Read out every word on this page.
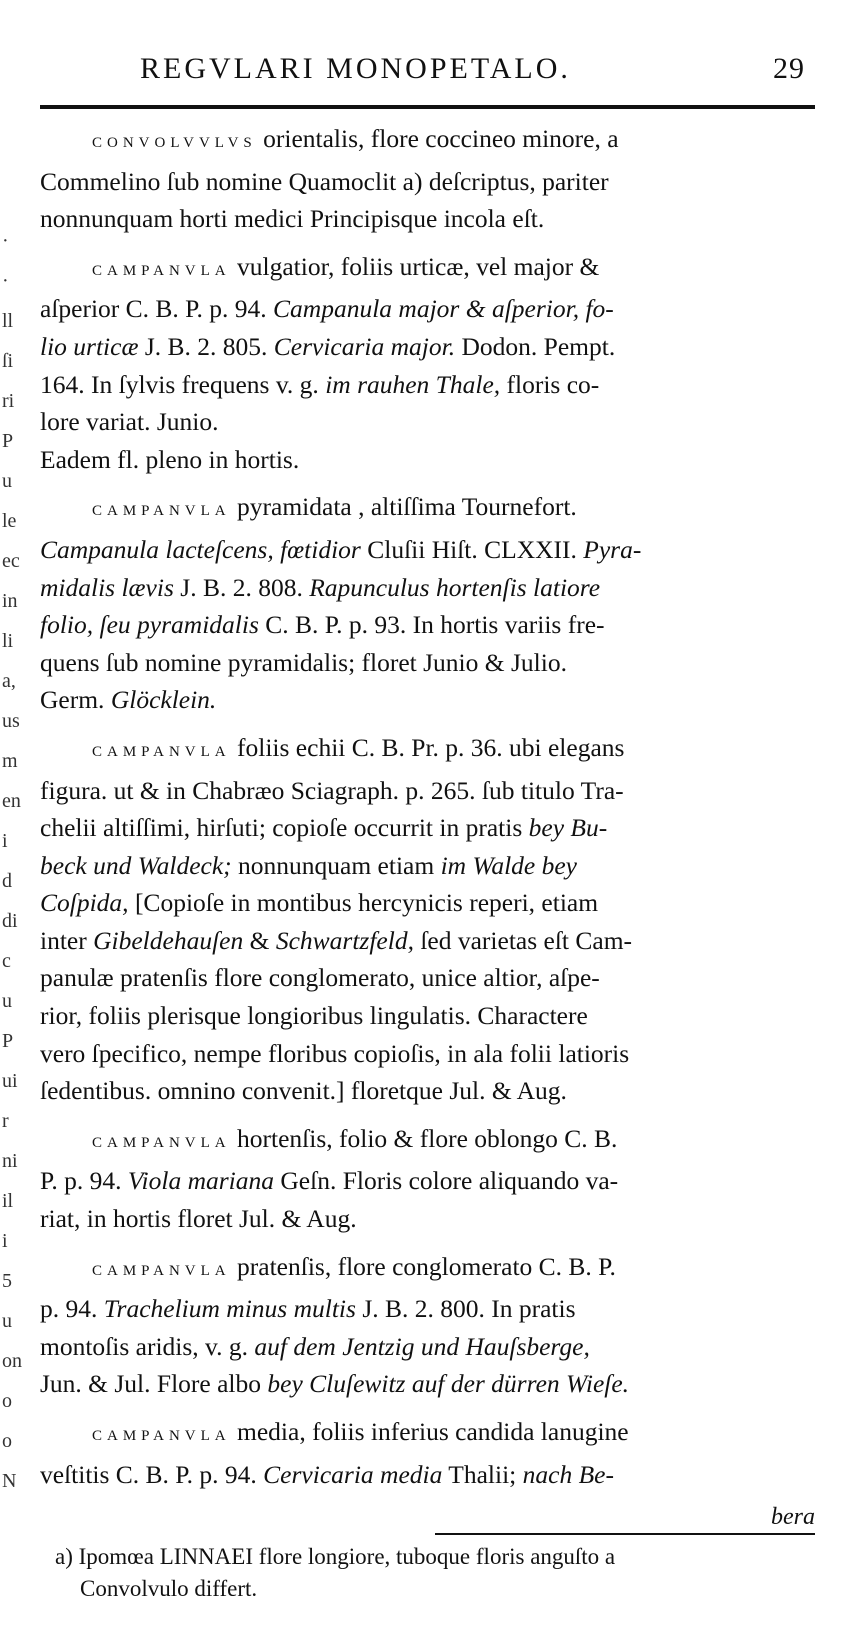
·
·
ll
ſi
ri
P
u
le
ec
in
li
a,
us
m
en
i
d
di
c
u
P
ui
r
ni
il
i
5
u
on
o
o
N
REGVLARI MONOPETALO.	29
CONVOLVVLVS orientalis, flore coccineo minore, a
Commelino ſub nomine Quamoclit a) deſcriptus, pariter
nonnunquam horti medici Principisque incola eſt.
CAMPANVLA vulgatior, foliis urticæ, vel major &
aſperior C. B. P. p. 94. Campanula major & aſperior, fo-
lio urticæ J. B. 2. 805. Cervicaria major. Dodon. Pempt.
164. In ſylvis frequens v. g. im rauhen Thale, floris co-
lore variat. Junio.
Eadem fl. pleno in hortis.
CAMPANVLA pyramidata , altiſſima Tournefort.
Campanula lacteſcens, fœtidior Cluſii Hiſt. CLXXII. Pyra-
midalis lævis J. B. 2. 808. Rapunculus hortenſis latiore
folio, ſeu pyramidalis C. B. P. p. 93. In hortis variis fre-
quens ſub nomine pyramidalis; floret Junio & Julio.
Germ. Glöcklein.
CAMPANVLA foliis echii C. B. Pr. p. 36. ubi elegans
figura. ut & in Chabræo Sciagraph. p. 265. ſub titulo Tra-
chelii altiſſimi, hirſuti; copioſe occurrit in pratis bey Bu-
beck und Waldeck; nonnunquam etiam im Walde bey
Coſpida, [Copioſe in montibus hercynicis reperi, etiam
inter Gibeldehauſen & Schwartzfeld, ſed varietas eſt Cam-
panulæ pratenſis flore conglomerato, unice altior, aſpe-
rior, foliis plerisque longioribus lingulatis. Charactere
vero ſpecifico, nempe floribus copioſis, in ala folii latioris
ſedentibus. omnino convenit.] floretque Jul. & Aug.
CAMPANVLA hortenſis, folio & flore oblongo C. B.
P. p. 94. Viola mariana Geſn. Floris colore aliquando va-
riat, in hortis floret Jul. & Aug.
CAMPANVLA pratenſis, flore conglomerato C. B. P.
p. 94. Trachelium minus multis J. B. 2. 800. In pratis
montoſis aridis, v. g. auf dem Jentzig und Hauſsberge,
Jun. & Jul. Flore albo bey Cluſewitz auf der dürren Wieſe.
CAMPANVLA media, foliis inferius candida lanugine
veſtitis C. B. P. p. 94. Cervicaria media Thalii; nach Be-
bera
a) Ipomœa LINNAEI flore longiore, tuboque floris anguſto a
Convolvulo differt.
